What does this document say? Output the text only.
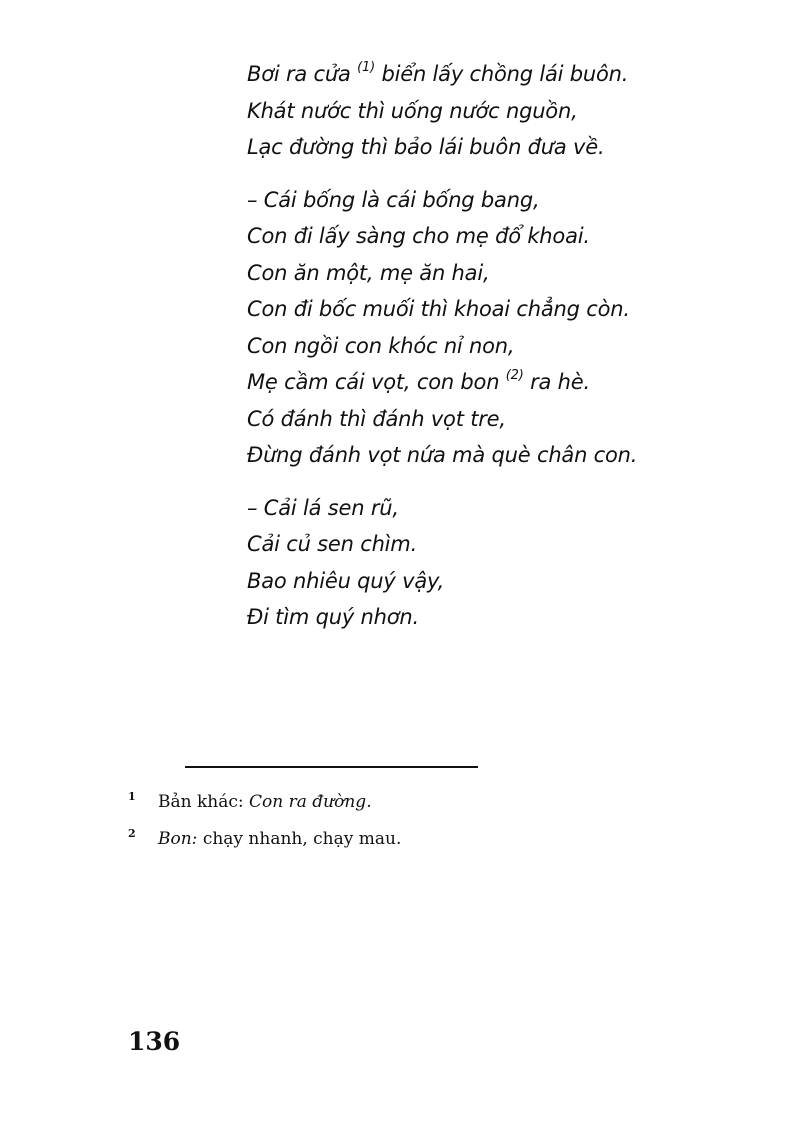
Bơi ra cửa $^{(1)}$ biển lấy chồng lái buôn.
Khát nước thì uống nước nguồn,
Lạc đường thì bảo lái buôn đưa về.
– Cái bống là cái bống bang,
Con đi lấy sàng cho mẹ đổ khoai.
Con ăn một, mẹ ăn hai,
Con đi bốc muối thì khoai chẳng còn.
Con ngồi con khóc nỉ non,
Mẹ cầm cái vọt, con bon $^{(2)}$ ra hè.
Có đánh thì đánh vọt tre,
Đừng đánh vọt nứa mà què chân con.
– Cải lá sen rũ,
Cải củ sen chìm.
Bao nhiêu quý vậy,
Đi tìm quý nhơn.
1 Bản khác: Con ra đường.
2 Bon: chạy nhanh, chạy mau.
136
